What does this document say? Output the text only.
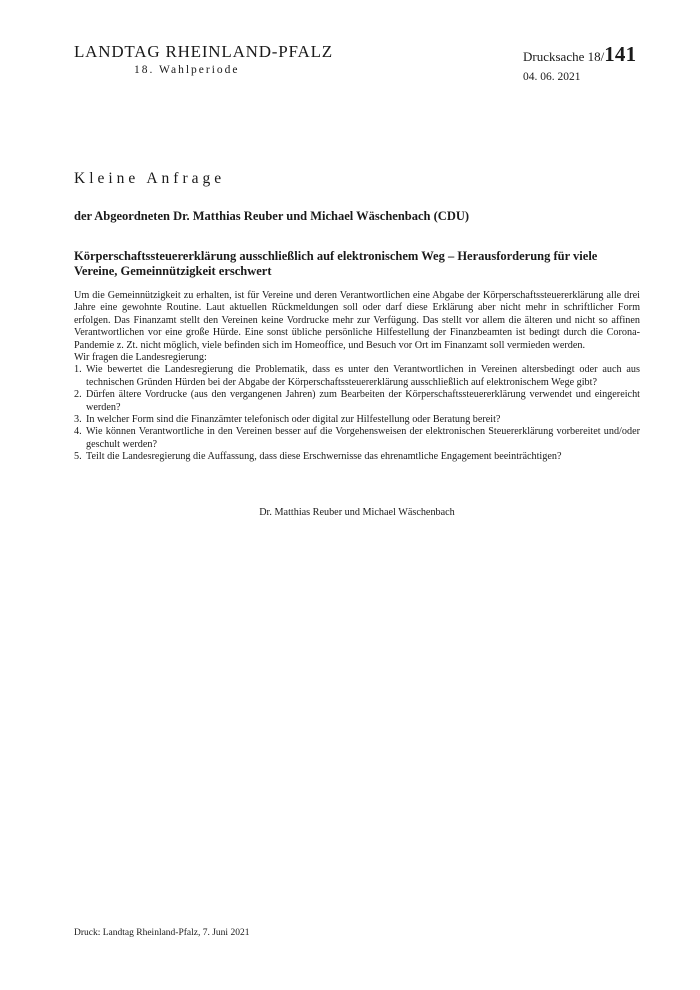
LANDTAG RHEINLAND-PFALZ
18. Wahlperiode
Drucksache 18/141
04. 06. 2021
Kleine Anfrage
der Abgeordneten Dr. Matthias Reuber und Michael Wäschenbach (CDU)
Körperschaftssteuererklärung ausschließlich auf elektronischem Weg – Herausforderung für viele Vereine, Gemeinnützigkeit erschwert

Um die Gemeinnützigkeit zu erhalten, ist für Vereine und deren Verantwortlichen eine Abgabe der Körperschaftssteuererklärung alle drei Jahre eine gewohnte Routine. Laut aktuellen Rückmeldungen soll oder darf diese Erklärung aber nicht mehr in schriftlicher Form erfolgen. Das Finanzamt stellt den Vereinen keine Vordrucke mehr zur Verfügung. Das stellt vor allem die älteren und nicht so affinen Verantwortlichen vor eine große Hürde. Eine sonst übliche persönliche Hilfestellung der Finanzbeamten ist bedingt durch die Corona-Pandemie z. Zt. nicht möglich, viele befinden sich im Homeoffice, und Besuch vor Ort im Finanzamt soll vermieden werden.

Wir fragen die Landesregierung:

1. Wie bewertet die Landesregierung die Problematik, dass es unter den Verantwortlichen in Vereinen altersbedingt oder auch aus technischen Gründen Hürden bei der Abgabe der Körperschaftssteuererklärung ausschließlich auf elektronischem Wege gibt?
2. Dürfen ältere Vordrucke (aus den vergangenen Jahren) zum Bearbeiten der Körperschaftssteuererklärung verwendet und eingereicht werden?
3. In welcher Form sind die Finanzämter telefonisch oder digital zur Hilfestellung oder Beratung bereit?
4. Wie können Verantwortliche in den Vereinen besser auf die Vorgehensweisen der elektronischen Steuererklärung vorbereitet und/oder geschult werden?
5. Teilt die Landesregierung die Auffassung, dass diese Erschwernisse das ehrenamtliche Engagement beeinträchtigen?
Dr. Matthias Reuber und Michael Wäschenbach
Druck: Landtag Rheinland-Pfalz, 7. Juni 2021
